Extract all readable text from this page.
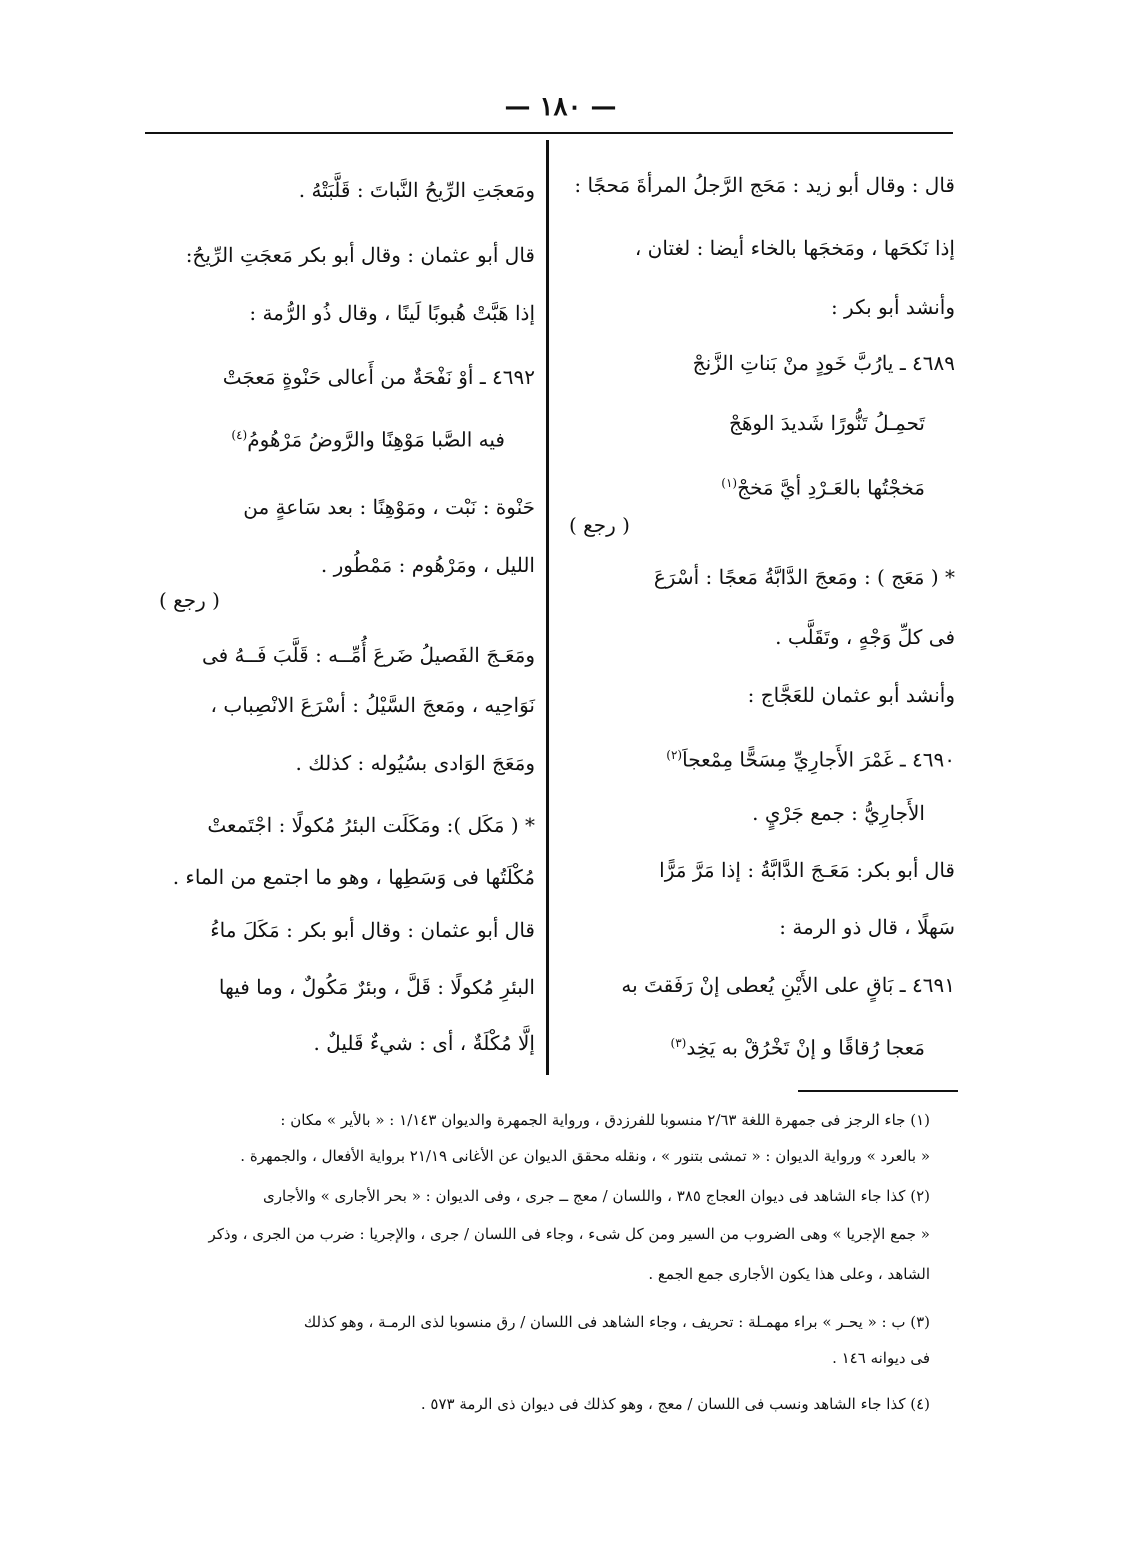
— ١٨٠ —
قال : وقال أبو زيد : مَحَج الرَّجلُ المرأةَ مَحجًا :
إذا نَكحَها ، ومَخجَها بالخاء أيضا : لغتان ،
وأنشد أبو بكر :
٤٦٨٩ ـ يارُبَّ خَودٍ منْ بَناتِ الزَّنجْ
تَحمِـلُ تَنُّورًا شَديدَ الوهَجْ
مَخجْتُها بالعَـرْدِ أيَّ مَخجْ$^{(١)}$
( رجع )
* ( مَعَج ) : ومَعجَ الدَّابَّةُ مَعجًا : أسْرَعَ
فى كلِّ وَجْهٍ ، وتَقَلَّب .
وأنشد أبو عثمان للعَجَّاج :
٤٦٩٠ ـ غَمْرَ الأَجارِيِّ مِسَحًّا مِمْعجاَ$^{(٢)}$
الأَجارِيُّ : جمع جَرْيٍ .
قال أبو بكر: مَعَـجَ الدَّابَّةُ : إذا مَرَّ مَرًّا
سَهلًا ، قال ذو الرمة :
٤٦٩١ ـ بَاقٍ على الأَيْنِ يُعطى إنْ رَفَقتَ به
مَعجا رُقاقًا و إنْ تَخْرُقْ به يَخِد$^{(٣)}$
ومَعجَتِ الرِّيحُ النَّباتَ : قَلَّبَتْهُ .
قال أبو عثمان : وقال أبو بكر مَعجَتِ الرِّيحُ:
إذا هَبَّتْ هُبوبًا لَينًا ، وقال ذُو الرُّمة :
٤٦٩٢ ـ أوْ نَفْحَةٌ من أَعالى حَنْوةٍ مَعجَتْ
فيه الصَّبا مَوْهِنًا والرَّوضُ مَرْهُومُ$^{(٤)}$
حَنْوة : نَبْت ، ومَوْهِنًا : بعد سَاعةٍ من
الليل ، ومَرْهُوم : مَمْطُور .
( رجع )
ومَعَـجَ الفَصيلُ ضَرعَ أُمِّــه : قَلَّبَ فَــهُ فى
نَوَاحِيه ، ومَعجَ السَّيْلُ : أسْرَعَ الانْصِباب ،
ومَعَجَ الوَادى بسُيُوله : كذلك .
* ( مَكَل ): ومَكَلَت البئرُ مُكولًا : اجْتَمعتْ
مُكْلَتُها فى وَسَطِها ، وهو ما اجتمع من الماء .
قال أبو عثمان : وقال أبو بكر : مَكَلَ ماءُ
البئرِ مُكولًا : قَلَّ ، وبئرٌ مَكُولٌ ، وما فيها
إلَّا مُكْلَةٌ ، أى : شيءٌ قَليلٌ .
(١) جاء الرجز فى جمهرة اللغة ٢/٦٣ منسوبا للفرزدق ، ورواية الجمهرة والديوان ١/١٤٣ : « بالأير » مكان :
« بالعرد » ورواية الديوان : « تمشى بتنور » ، ونقله محقق الديوان عن الأغانى ٢١/١٩ برواية الأفعال ، والجمهرة .
(٢) كذا جاء الشاهد فى ديوان العجاج ٣٨٥ ، واللسان / معج ــ جرى ، وفى الديوان : « بحر الأجارى » والأجارى
« جمع الإجريا » وهى الضروب من السير ومن كل شىء ، وجاء فى اللسان / جرى ، والإجريا : ضرب من الجرى ، وذكر
الشاهد ، وعلى هذا يكون الأجارى جمع الجمع .
(٣) ب : « يحـر » براء مهمـلة : تحريف ، وجاء الشاهد فى اللسان / رق منسوبا لذى الرمـة ، وهو كذلك
فى ديوانه ١٤٦ .
(٤) كذا جاء الشاهد ونسب فى اللسان / معج ، وهو كذلك فى ديوان ذى الرمة ٥٧٣ .
